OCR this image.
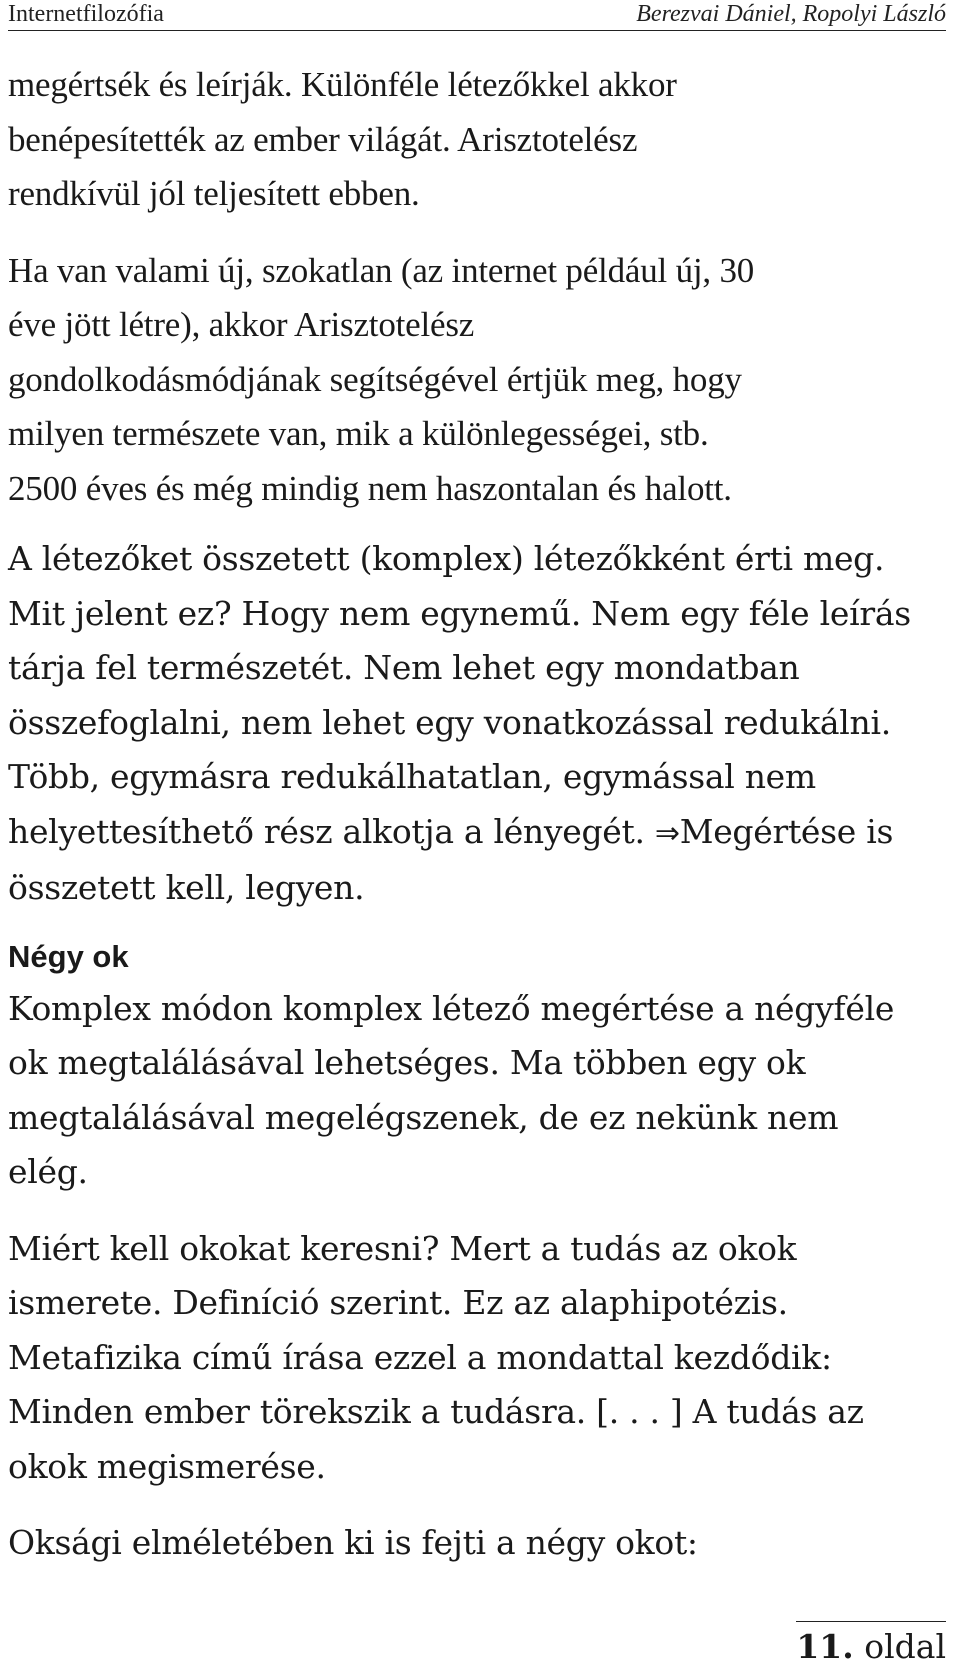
Internetfilozófia	Berezvai Dániel, Ropolyi László

megértsék és leírják. Különféle létezőkkel akkor
benépesítették az ember világát. Arisztotelész
rendkívül jól teljesített ebben.

Ha van valami új, szokatlan (az internet például új, 30
éve jött létre), akkor Arisztotelész
gondolkodásmódjának segítségével értjük meg, hogy
milyen természete van, mik a különlegességei, stb.
2500 éves és még mindig nem haszontalan és halott.

A létezőket összetett (komplex) létezőkként érti meg.
Mit jelent ez? Hogy nem egynemű. Nem egy féle leírás
tárja fel természetét. Nem lehet egy mondatban
összefoglalni, nem lehet egy vonatkozással redukálni.
Több, egymásra redukálhatatlan, egymással nem
helyettesíthető rész alkotja a lényegét. ⇒Megértése is
összetett kell, legyen.

Négy ok

Komplex módon komplex létező megértése a négyféle
ok megtalálásával lehetséges. Ma többen egy ok
megtalálásával megelégszenek, de ez nekünk nem
elég.

Miért kell okokat keresni? Mert a tudás az okok
ismerete. Definíció szerint. Ez az alaphipotézis.
Metafizika című írása ezzel a mondattal kezdődik:
Minden ember törekszik a tudásra. [. . . ] A tudás az
okok megismerése.

Oksági elméletében ki is fejti a négy okot:

11. oldal
